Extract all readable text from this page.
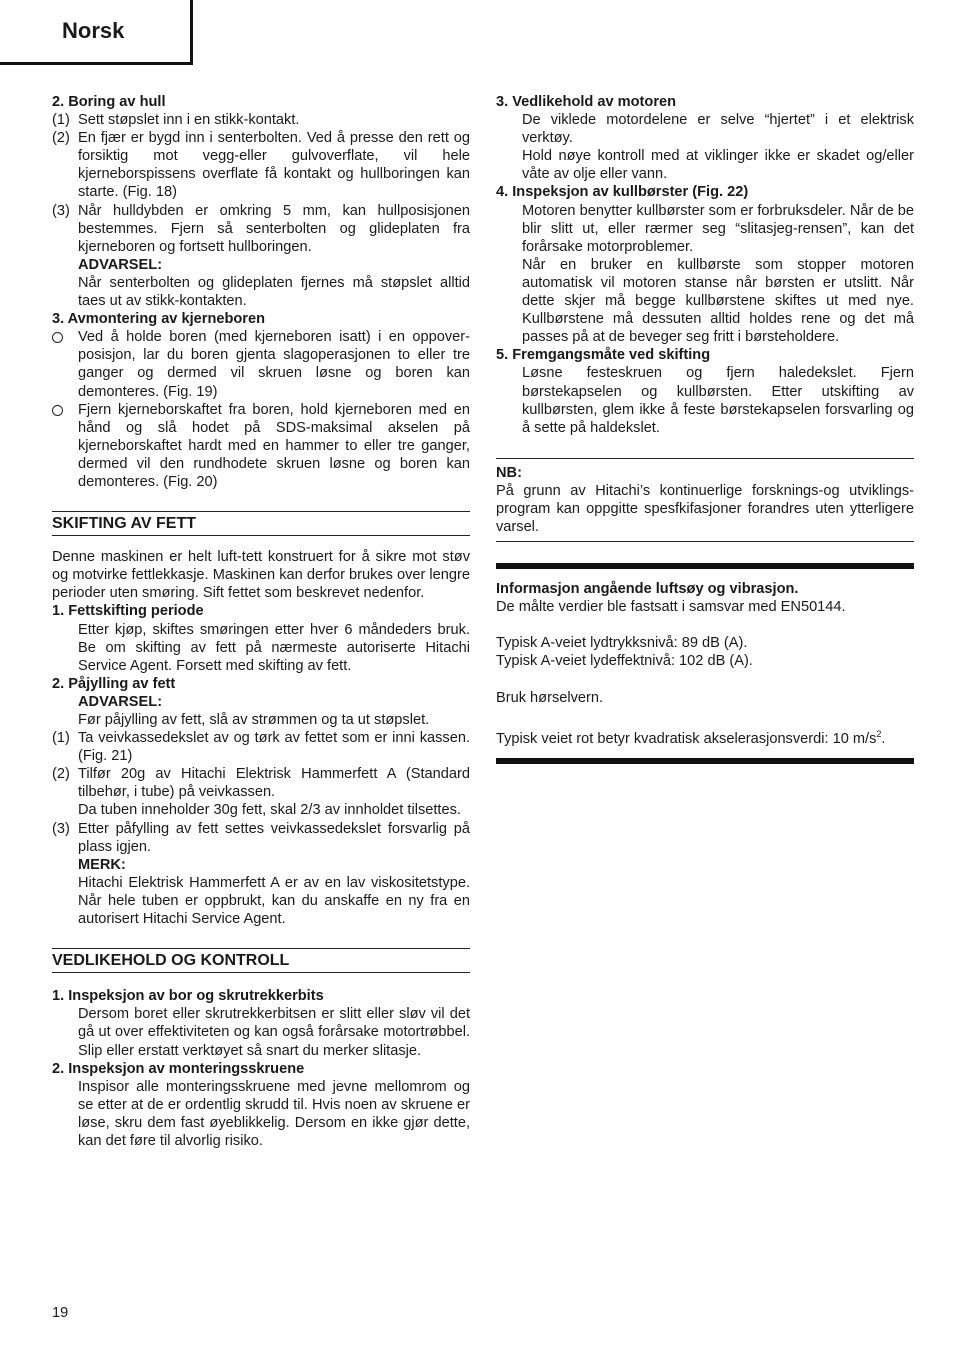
Norsk
2. Boring av hull
(1) Sett støpslet inn i en stikk-kontakt.
(2) En fjær er bygd inn i senterbolten. Ved å presse den rett og forsiktig mot vegg-eller gulvoverflate, vil hele kjerneborspissens overflate få kontakt og hullboringen kan starte. (Fig. 18)
(3) Når hulldybden er omkring 5 mm, kan hullposisjonen bestemmes. Fjern så senterbolten og glideplaten fra kjerneboren og fortsett hullboringen.
ADVARSEL:
Når senterbolten og glideplaten fjernes må støpslet alltid taes ut av stikk-kontakten.
3. Avmontering av kjerneboren
Ved å holde boren (med kjerneboren isatt) i en oppover-posisjon, lar du boren gjenta slagoperasjonen to eller tre ganger og dermed vil skruen løsne og boren kan demonteres. (Fig. 19)
Fjern kjerneborskaftet fra boren, hold kjerneboren med en hånd og slå hodet på SDS-maksimal akselen på kjerneborskaftet hardt med en hammer to eller tre ganger, dermed vil den rundhodete skruen løsne og boren kan demonteres. (Fig. 20)
SKIFTING AV FETT
Denne maskinen er helt luft-tett konstruert for å sikre mot støv og motvirke fettlekkasje. Maskinen kan derfor brukes over lengre perioder uten smøring. Sift fettet som beskrevet nedenfor.
1. Fettskifting periode
Etter kjøp, skiftes smøringen etter hver 6 måndeders bruk. Be om skifting av fett på nærmeste autoriserte Hitachi Service Agent. Forsett med skifting av fett.
2. Påjylling av fett
ADVARSEL:
Før påjylling av fett, slå av strømmen og ta ut støpslet.
(1) Ta veivkassedekslet av og tørk av fettet som er inni kassen. (Fig. 21)
(2) Tilfør 20g av Hitachi Elektrisk Hammerfett A (Standard tilbehør, i tube) på veivkassen.
Da tuben inneholder 30g fett, skal 2/3 av innholdet tilsettes.
(3) Etter påfylling av fett settes veivkassedekslet forsvarlig på plass igjen.
MERK:
Hitachi Elektrisk Hammerfett A er av en lav viskositetstype. Når hele tuben er oppbrukt, kan du anskaffe en ny fra en autorisert Hitachi Service Agent.
VEDLIKEHOLD OG KONTROLL
1. Inspeksjon av bor og skrutrekkerbits
Dersom boret eller skrutrekkerbitsen er slitt eller sløv vil det gå ut over effektiviteten og kan også forårsake motortrøbbel. Slip eller erstatt verktøyet så snart du merker slitasje.
2. Inspeksjon av monteringsskruene
Inspisor alle monteringsskruene med jevne mellomrom og se etter at de er ordentlig skrudd til. Hvis noen av skruene er løse, skru dem fast øyeblikkelig. Dersom en ikke gjør dette, kan det føre til alvorlig risiko.
3. Vedlikehold av motoren
De viklede motordelene er selve “hjertet” i et elektrisk verktøy.
Hold nøye kontroll med at viklinger ikke er skadet og/eller våte av olje eller vann.
4. Inspeksjon av kullbørster (Fig. 22)
Motoren benytter kullbørster som er forbruksdeler. Når de be blir slitt ut, eller rærmer seg “slitasjeg-rensen”, kan det forårsake motorproblemer.
Når en bruker en kullbørste som stopper motoren automatisk vil motoren stanse når børsten er utslitt. Når dette skjer må begge kullbørstene skiftes ut med nye. Kullbørstene må dessuten alltid holdes rene og det må passes på at de beveger seg fritt i børsteholdere.
5. Fremgangsmåte ved skifting
Løsne festeskruen og fjern haledekslet. Fjern børstekapselen og kullbørsten. Etter utskifting av kullbørsten, glem ikke å feste børstekapselen forsvarling og å sette på haldekslet.
NB:
På grunn av Hitachi’s kontinuerlige forsknings-og utviklings-program kan oppgitte spesfkifasjoner forandres uten ytterligere varsel.
Informasjon angående luftsøy og vibrasjon.
De målte verdier ble fastsatt i samsvar med EN50144.
Typisk A-veiet lydtrykksnivå: 89 dB (A).
Typisk A-veiet lydeffektnivå: 102 dB (A).
Bruk hørselvern.
Typisk veiet rot betyr kvadratisk akselerasjonsverdi: 10 $m/s^2$.
19
